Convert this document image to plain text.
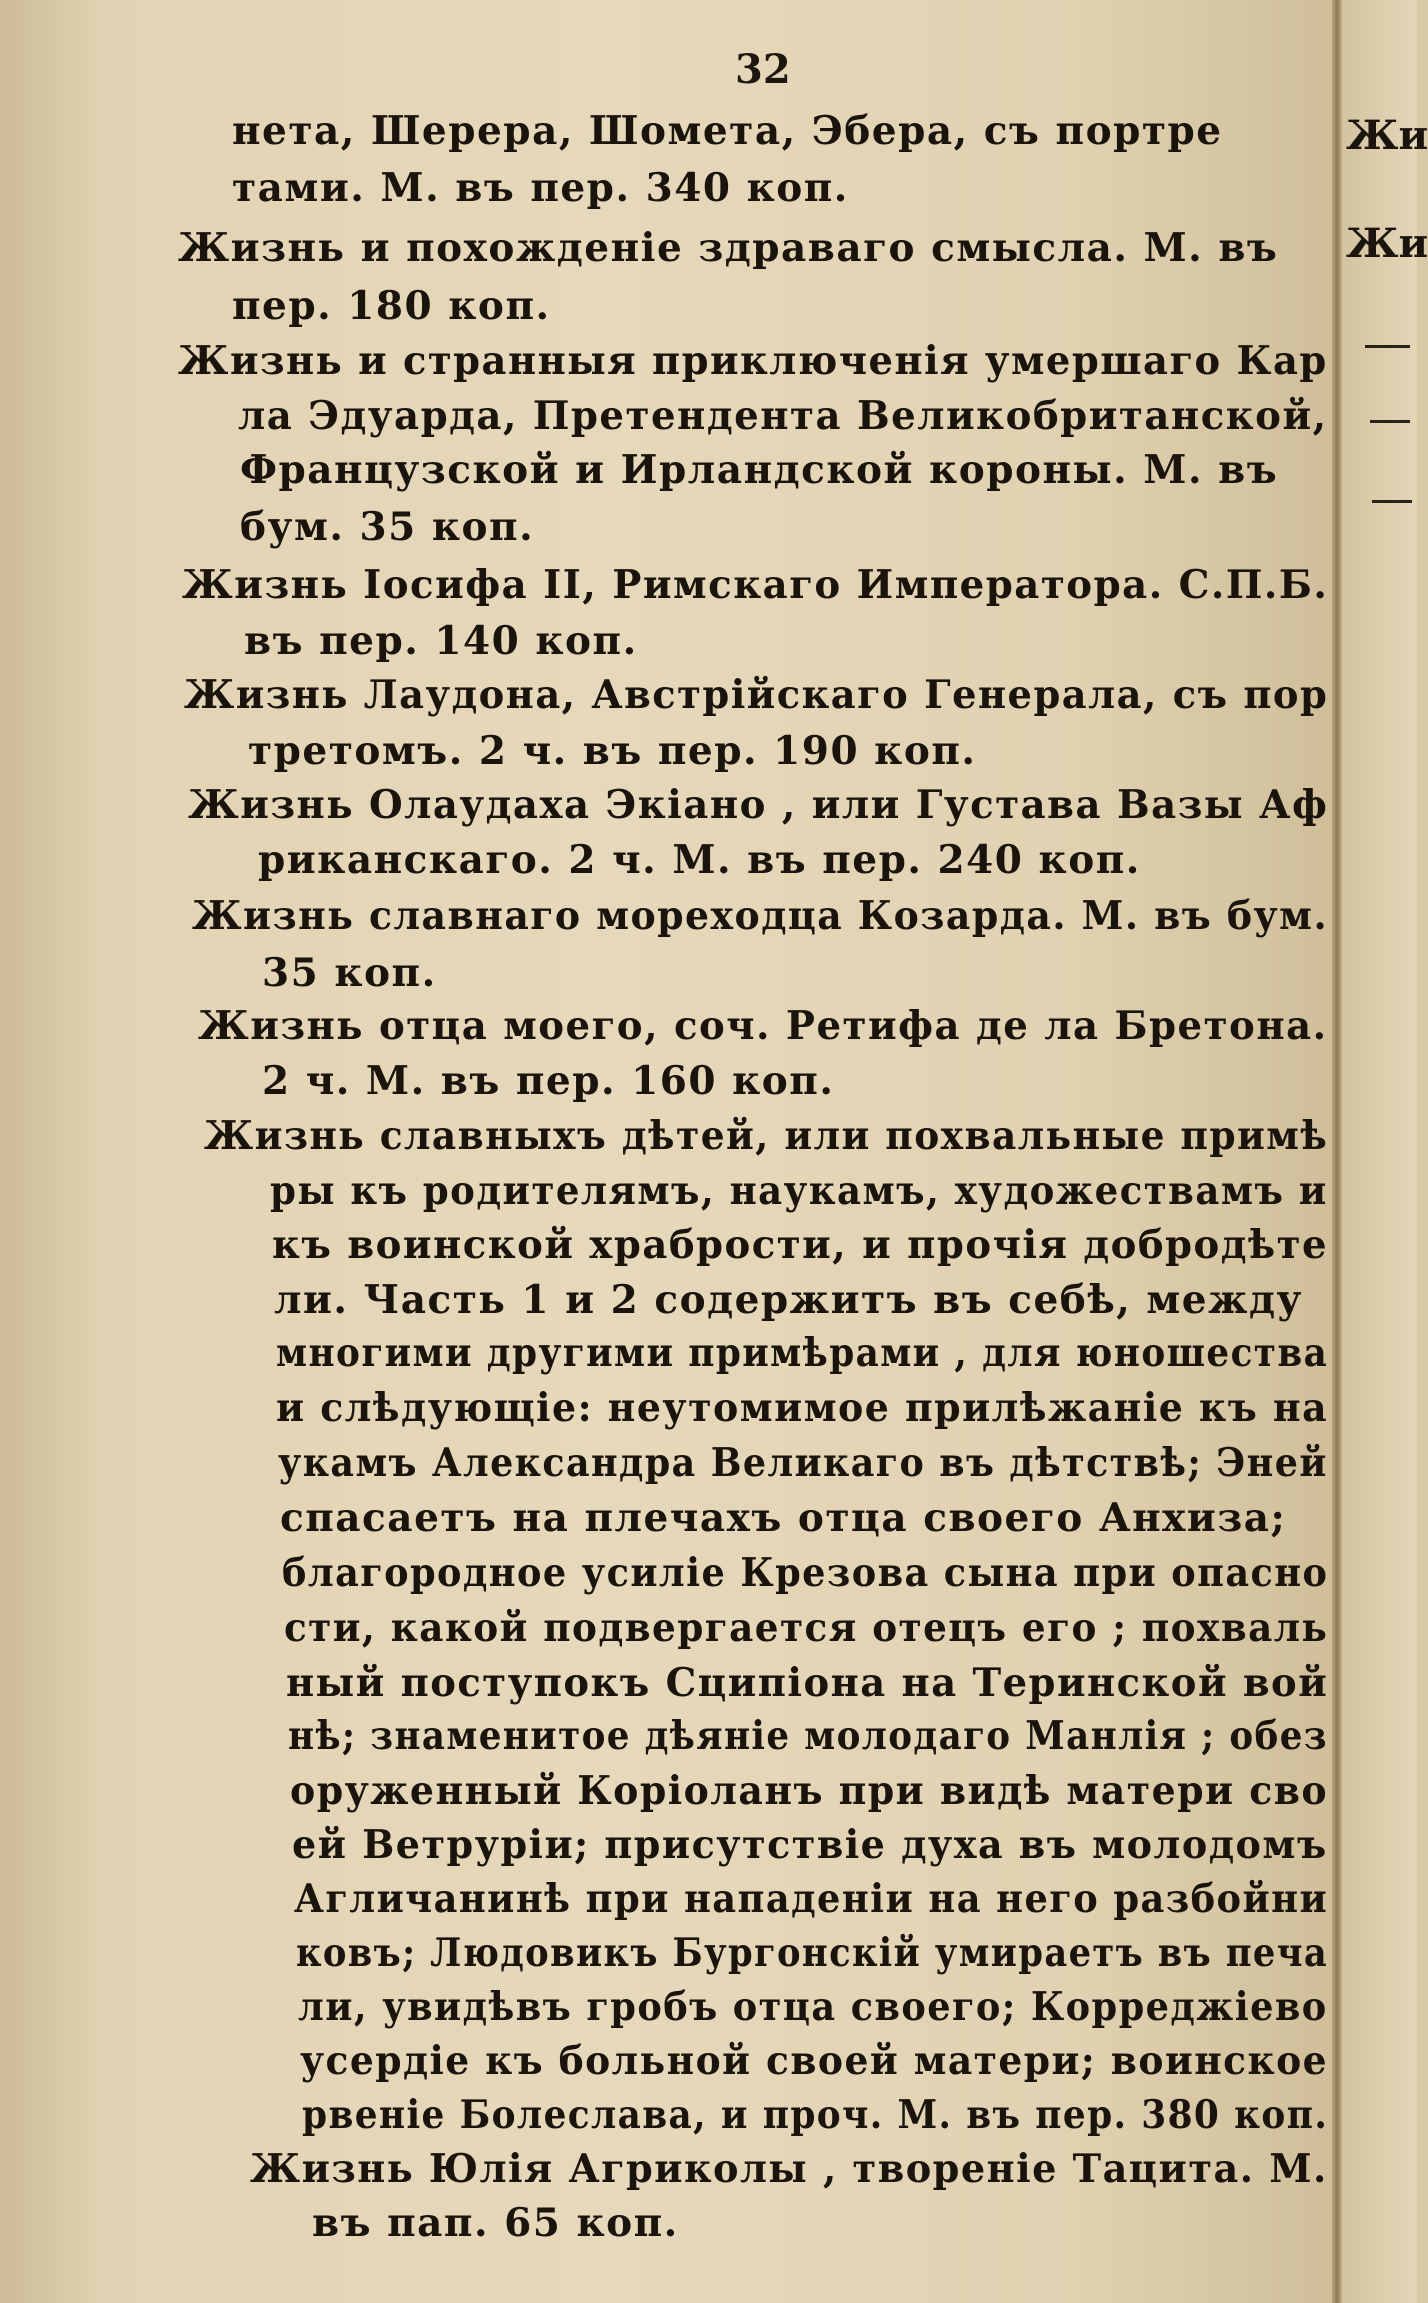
Жи
Жи
32
нета, Шерера, Шомета, Эбера, съ портре
тами. М. въ пер. 340 коп.
Жизнь и похожденіе здраваго смысла. М. въ
пер. 180 коп.
Жизнь и странныя приключенія умершаго Кар
ла Эдуарда, Претендента Великобританской,
Французской и Ирландской короны. М. въ
бум. 35 коп.
Жизнь Іосифа II, Римскаго Императора. С.П.Б.
въ пер. 140 коп.
Жизнь Лаудона, Австрійскаго Генерала, съ пор
третомъ. 2 ч. въ пер. 190 коп.
Жизнь Олаудаха Экіано , или Густава Вазы Аф
риканскаго. 2 ч. М. въ пер. 240 коп.
Жизнь славнаго мореходца Козарда. М. въ бум.
35 коп.
Жизнь отца моего, соч. Ретифа де ла Бретона.
2 ч. М. въ пер. 160 коп.
Жизнь славныхъ дѣтей, или похвальные примѣ
ры къ родителямъ, наукамъ, художествамъ и
къ воинской храбрости, и прочія добродѣте
ли. Часть 1 и 2 содержитъ въ себѣ, между
многими другими примѣрами , для юношества
и слѣдующіе: неутомимое прилѣжаніе къ на
укамъ Александра Великаго въ дѣтствѣ; Эней
спасаетъ на плечахъ отца своего Анхиза;
благородное усиліе Крезова сына при опасно
сти, какой подвергается отецъ его ; похваль
ный поступокъ Сципіона на Теринской вой
нѣ; знаменитое дѣяніе молодаго Манлія ; обез
оруженный Коріоланъ при видѣ матери сво
ей Ветруріи; присутствіе духа въ молодомъ
Агличанинѣ при нападеніи на него разбойни
ковъ; Людовикъ Бургонскій умираетъ въ печа
ли, увидѣвъ гробъ отца своего; Корреджіево
усердіе къ больной своей матери; воинское
рвеніе Болеслава, и проч. М. въ пер. 380 коп.
Жизнь Юлія Агриколы , твореніе Тацита. М.
въ пап. 65 коп.
